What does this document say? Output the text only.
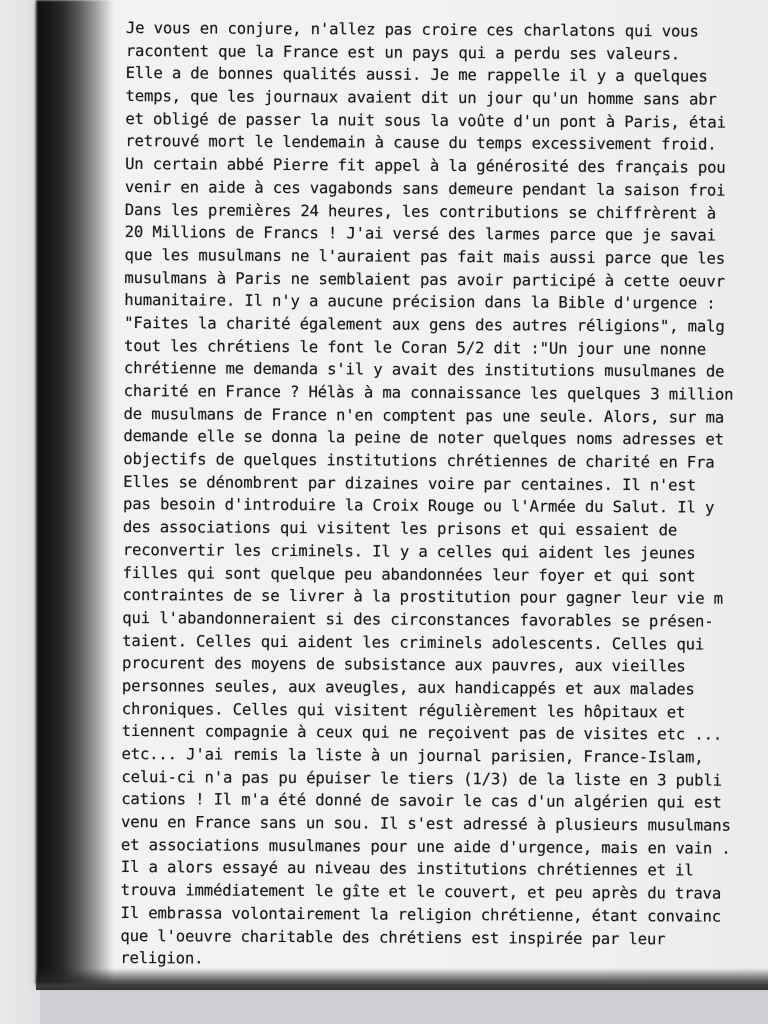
Je vous en conjure, n'allez pas croire ces charlatons qui vous
racontent que la France est un pays qui a perdu ses valeurs.
Elle a de bonnes qualités aussi. Je me rappelle il y a quelques
temps, que les journaux avaient dit un jour qu'un homme sans abr
et obligé de passer la nuit sous la voûte d'un pont à Paris, étai
retrouvé mort le lendemain à cause du temps excessivement froid.
Un certain abbé Pierre fit appel à la générosité des français pou
venir en aide à ces vagabonds sans demeure pendant la saison froi
Dans les premières 24 heures, les contributions se chiffrèrent à
20 Millions de Francs ! J'ai versé des larmes parce que je savai
que les musulmans ne l'auraient pas fait mais aussi parce que les
musulmans à Paris ne semblaient pas avoir participé à cette oeuvr
humanitaire. Il n'y a aucune précision dans la Bible d'urgence :
"Faites la charité également aux gens des autres réligions", malg
tout les chrétiens le font le Coran 5/2 dit :"Un jour une nonne
chrétienne me demanda s'il y avait des institutions musulmanes de
charité en France ? Hélàs à ma connaissance les quelques 3 million
de musulmans de France n'en comptent pas une seule. Alors, sur ma
demande elle se donna la peine de noter quelques noms adresses et
objectifs de quelques institutions chrétiennes de charité en Fra
Elles se dénombrent par dizaines voire par centaines. Il n'est
pas besoin d'introduire la Croix Rouge ou l'Armée du Salut. Il y
des associations qui visitent les prisons et qui essaient de
reconvertir les criminels. Il y a celles qui aident les jeunes
filles qui sont quelque peu abandonnées leur foyer et qui sont
contraintes de se livrer à la prostitution pour gagner leur vie m
qui l'abandonneraient si des circonstances favorables se présen-
taient. Celles qui aident les criminels adolescents. Celles qui
procurent des moyens de subsistance aux pauvres, aux vieilles
personnes seules, aux aveugles, aux handicappés et aux malades
chroniques. Celles qui visitent régulièrement les hôpitaux et
tiennent compagnie à ceux qui ne reçoivent pas de visites etc ...
etc... J'ai remis la liste à un journal parisien, France-Islam,
celui-ci n'a pas pu épuiser le tiers (1/3) de la liste en 3 publi
cations ! Il m'a été donné de savoir le cas d'un algérien qui est
venu en France sans un sou. Il s'est adressé à plusieurs musulmans
et associations musulmanes pour une aide d'urgence, mais en vain .
Il a alors essayé au niveau des institutions chrétiennes et il
trouva immédiatement le gîte et le couvert, et peu après du trava
Il embrassa volontairement la religion chrétienne, étant convainc
que l'oeuvre charitable des chrétiens est inspirée par leur
religion.
